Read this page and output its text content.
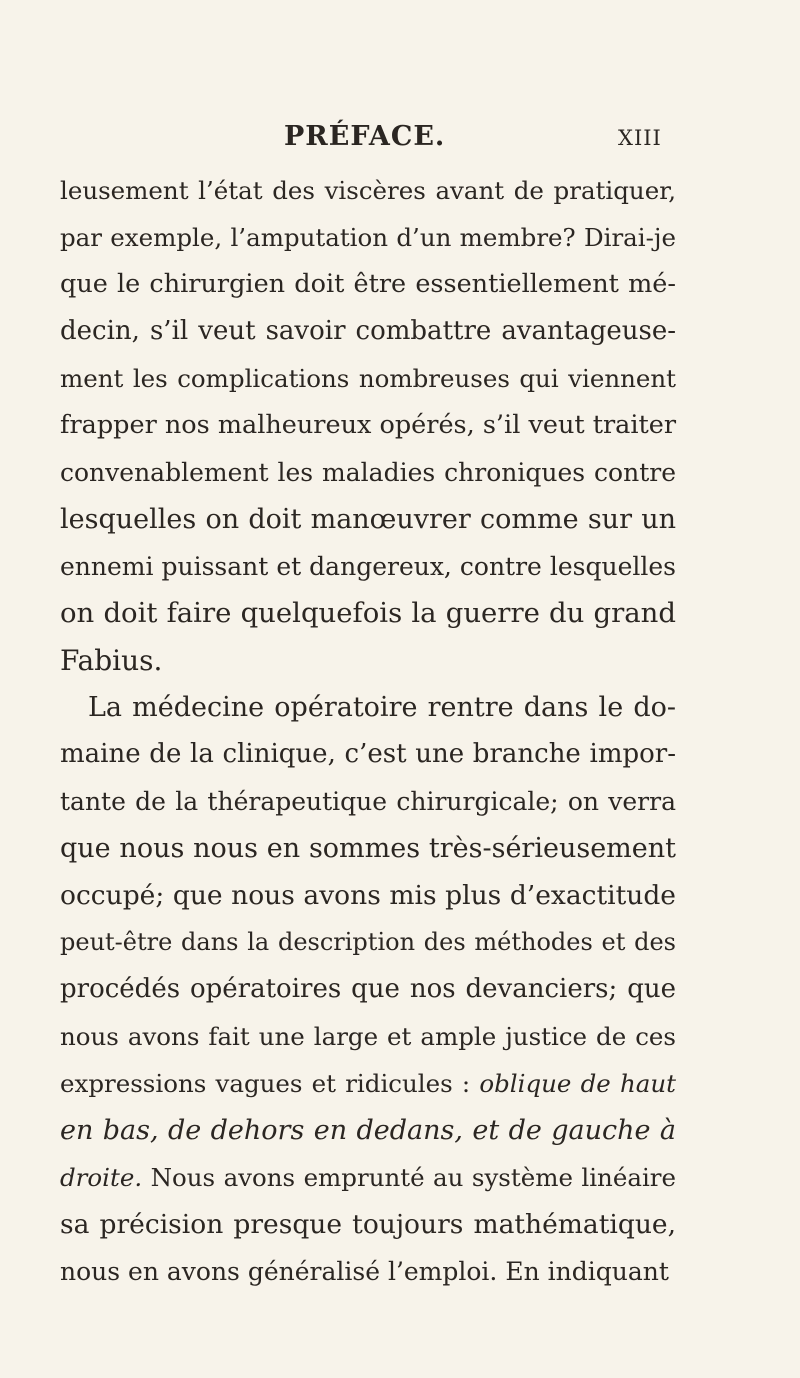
PRÉFACE.	XIII
leusement l’état des viscères avant de pratiquer,
par exemple, l’amputation d’un membre? Dirai-je
que le chirurgien doit être essentiellement mé-
decin, s’il veut savoir combattre avantageuse-
ment les complications nombreuses qui viennent
frapper nos malheureux opérés, s’il veut traiter
convenablement les maladies chroniques contre
lesquelles on doit manœuvrer comme sur un
ennemi puissant et dangereux, contre lesquelles
on doit faire quelquefois la guerre du grand
Fabius.
La médecine opératoire rentre dans le do-
maine de la clinique, c’est une branche impor-
tante de la thérapeutique chirurgicale; on verra
que nous nous en sommes très-sérieusement
occupé; que nous avons mis plus d’exactitude
peut-être dans la description des méthodes et des
procédés opératoires que nos devanciers; que
nous avons fait une large et ample justice de ces
expressions vagues et ridicules : oblique de haut
en bas, de dehors en dedans, et de gauche à
droite. Nous avons emprunté au système linéaire
sa précision presque toujours mathématique,
nous en avons généralisé l’emploi. En indiquant
